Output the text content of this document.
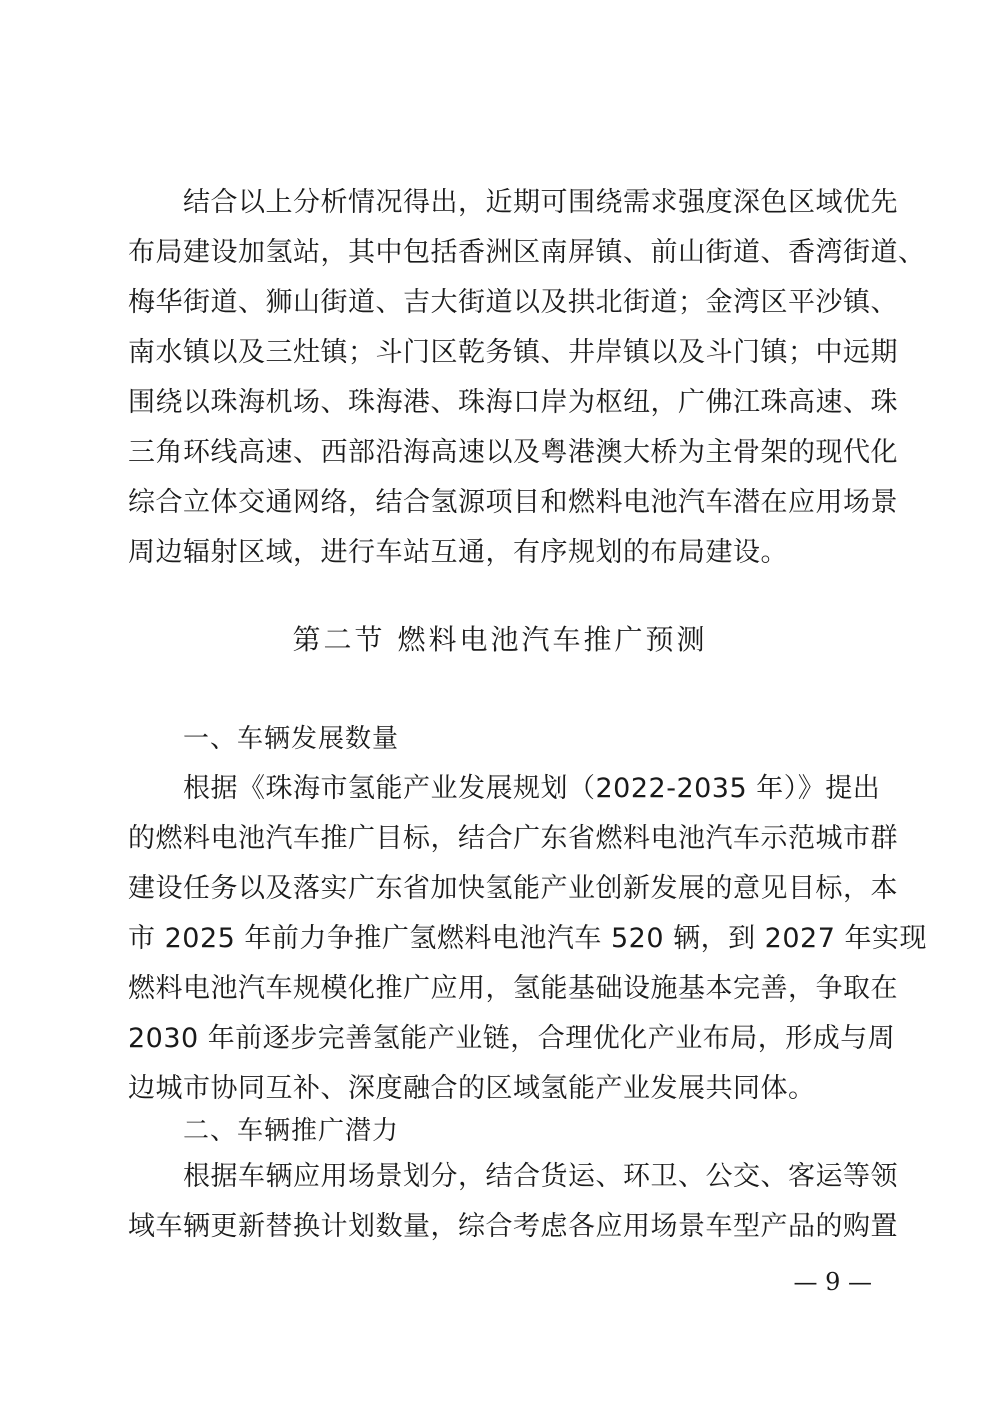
结合以上分析情况得出，近期可围绕需求强度深色区域优先
布局建设加氢站，其中包括香洲区南屏镇、前山街道、香湾街道、
梅华街道、狮山街道、吉大街道以及拱北街道；金湾区平沙镇、
南水镇以及三灶镇；斗门区乾务镇、井岸镇以及斗门镇；中远期
围绕以珠海机场、珠海港、珠海口岸为枢纽，广佛江珠高速、珠
三角环线高速、西部沿海高速以及粤港澳大桥为主骨架的现代化
综合立体交通网络，结合氢源项目和燃料电池汽车潜在应用场景
周边辐射区域，进行车站互通，有序规划的布局建设。
第二节 燃料电池汽车推广预测
一、车辆发展数量
根据《珠海市氢能产业发展规划（2022-2035 年）》提出
的燃料电池汽车推广目标，结合广东省燃料电池汽车示范城市群
建设任务以及落实广东省加快氢能产业创新发展的意见目标，本
市 2025 年前力争推广氢燃料电池汽车 520 辆，到 2027 年实现
燃料电池汽车规模化推广应用，氢能基础设施基本完善，争取在
2030 年前逐步完善氢能产业链，合理优化产业布局，形成与周
边城市协同互补、深度融合的区域氢能产业发展共同体。
二、车辆推广潜力
根据车辆应用场景划分，结合货运、环卫、公交、客运等领
域车辆更新替换计划数量，综合考虑各应用场景车型产品的购置
— 9 —
